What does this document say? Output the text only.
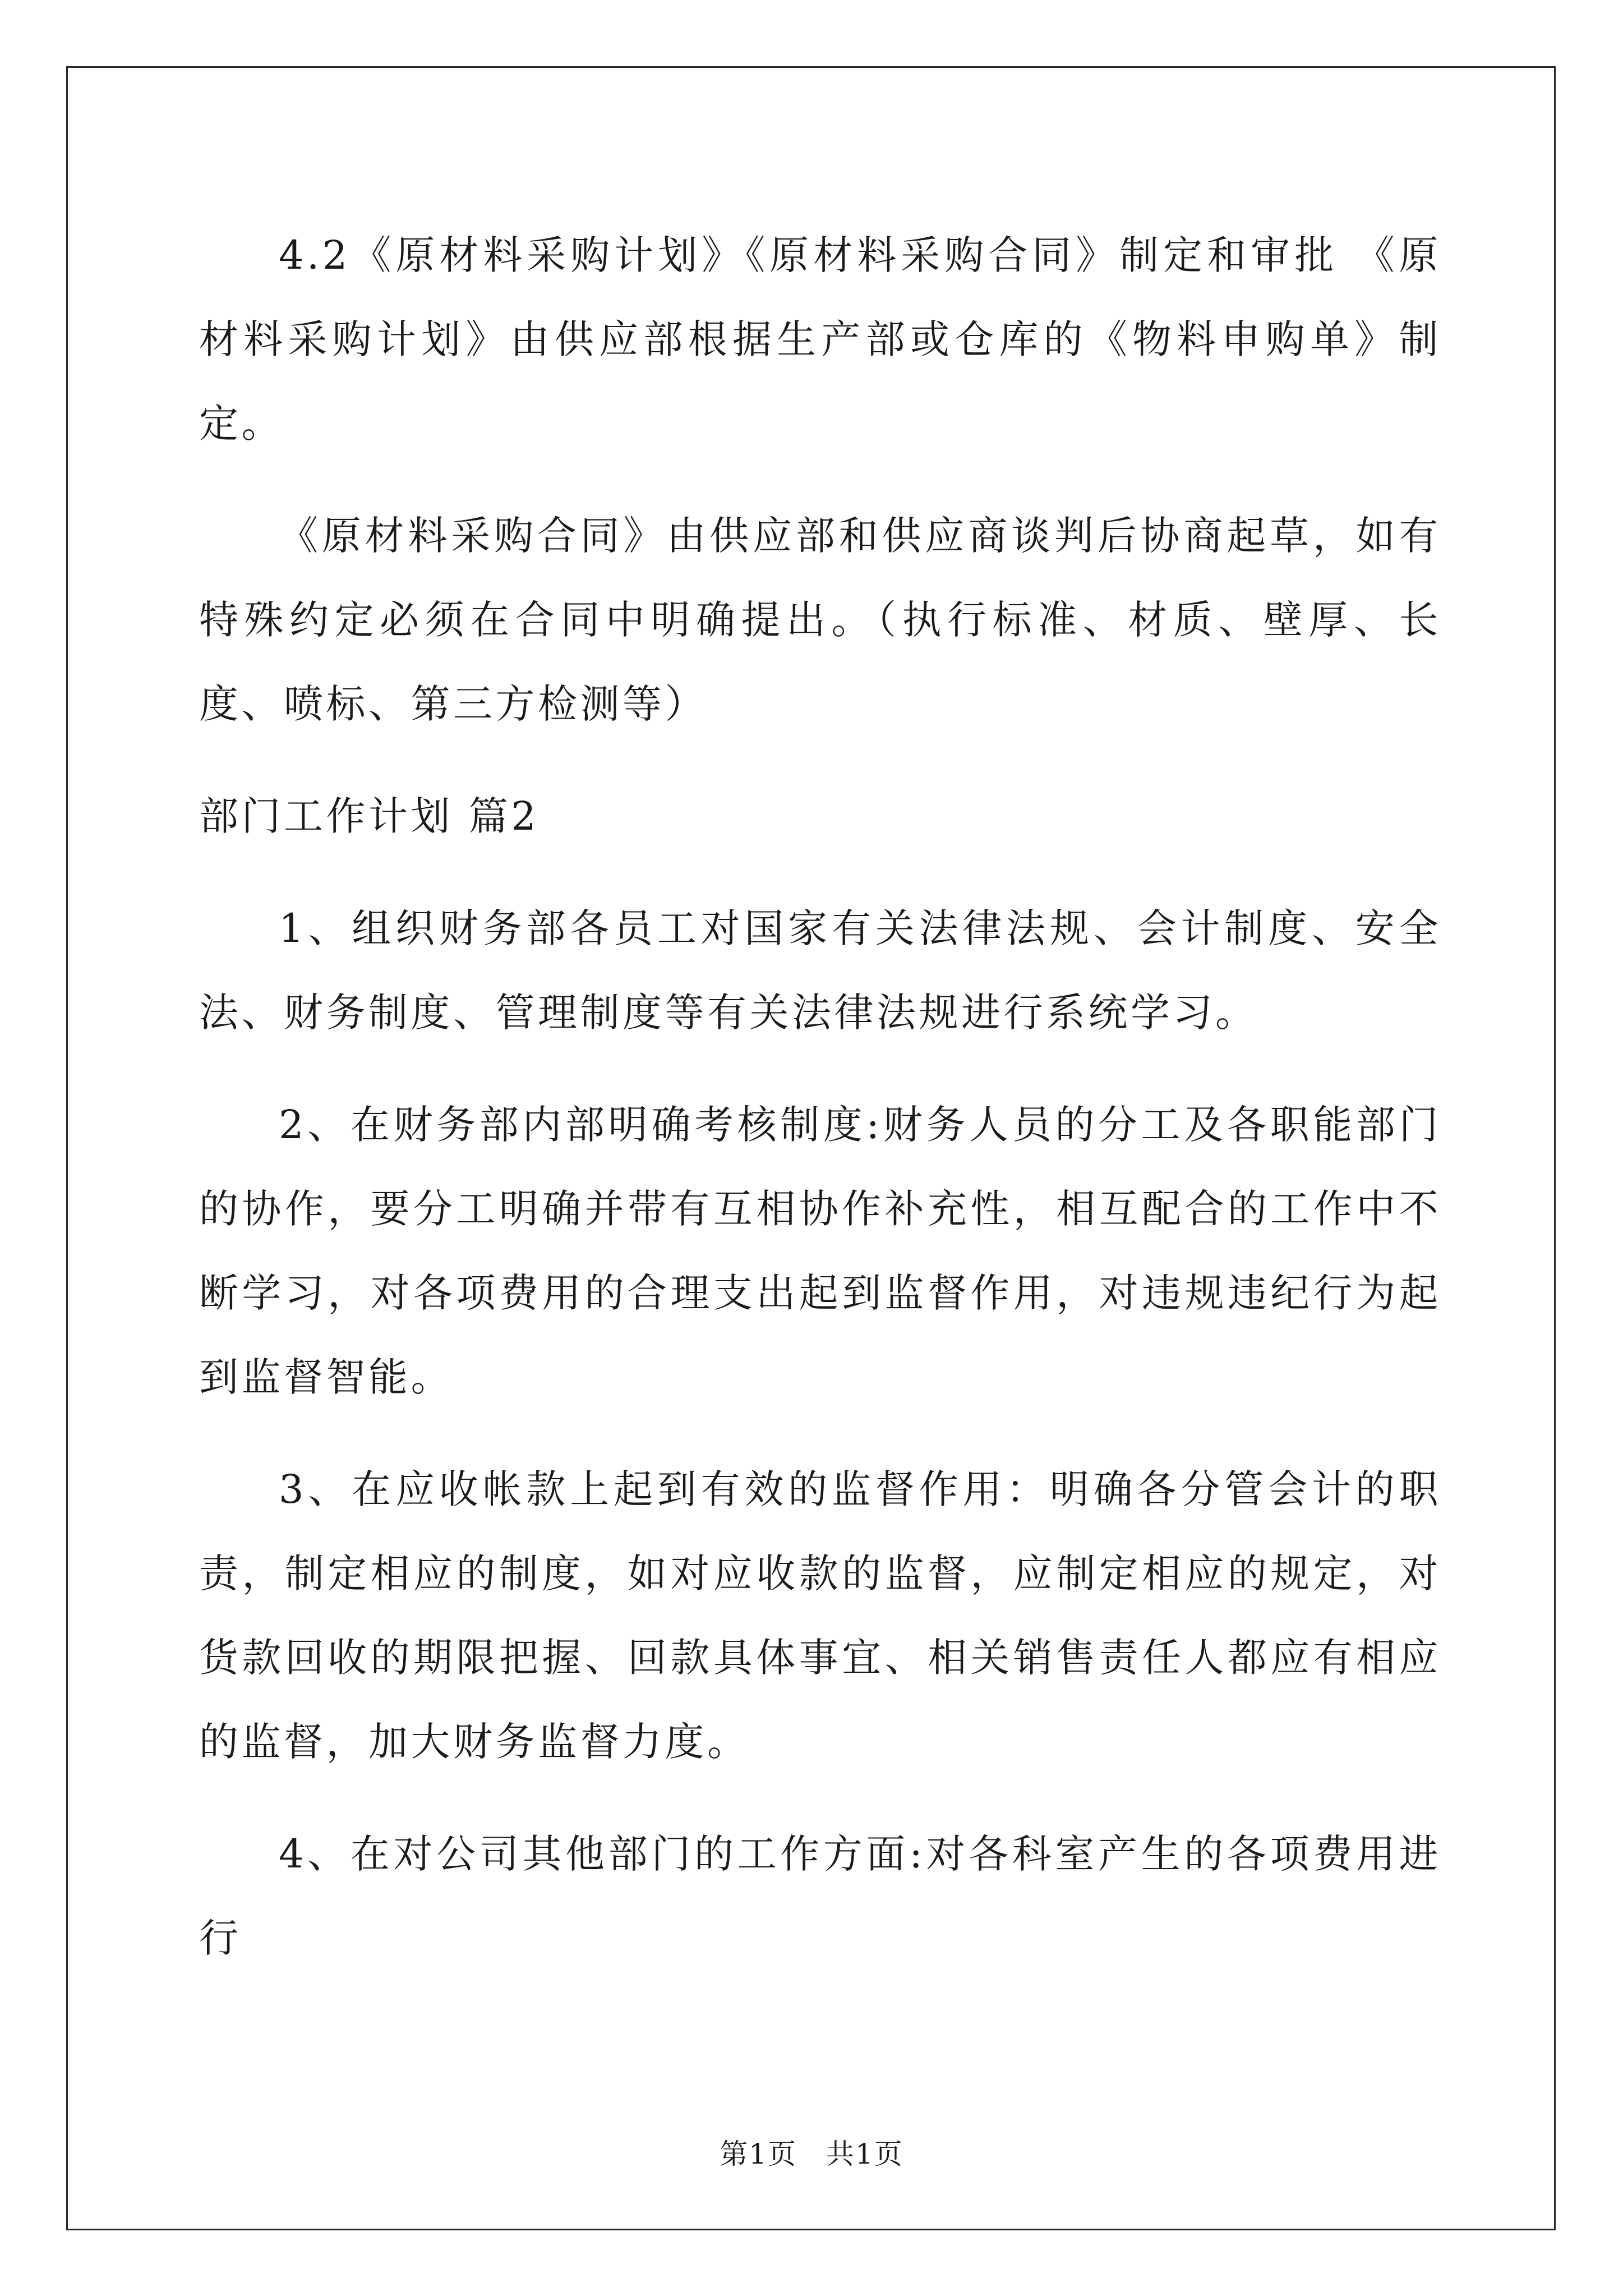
4.2《原材料采购计划》《原材料采购合同》制定和审批 《原材料采购计划》由供应部根据生产部或仓库的《物料申购单》制定。

《原材料采购合同》由供应部和供应商谈判后协商起草，如有特殊约定必须在合同中明确提出。（执行标准、材质、壁厚、长度、喷标、第三方检测等）

部门工作计划 篇2

1、组织财务部各员工对国家有关法律法规、会计制度、安全法、财务制度、管理制度等有关法律法规进行系统学习。

2、在财务部内部明确考核制度:财务人员的分工及各职能部门的协作，要分工明确并带有互相协作补充性，相互配合的工作中不断学习，对各项费用的合理支出起到监督作用，对违规违纪行为起到监督智能。

3、在应收帐款上起到有效的监督作用：明确各分管会计的职责，制定相应的制度，如对应收款的监督，应制定相应的规定，对货款回收的期限把握、回款具体事宜、相关销售责任人都应有相应的监督，加大财务监督力度。

4、在对公司其他部门的工作方面:对各科室产生的各项费用进行

第1页　共1页
